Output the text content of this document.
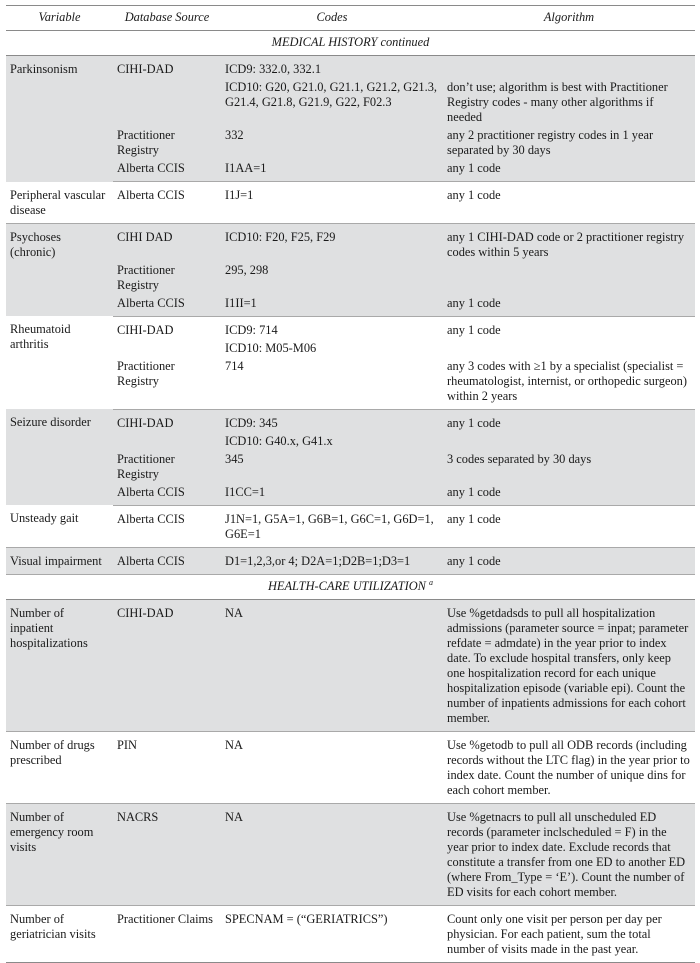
Variable	Database Source	Codes	Algorithm
MEDICAL HISTORY continued			
Parkinsonism	CIHI-DAD	ICD9: 332.0, 332.1	
		ICD10: G20, G21.0, G21.1, G21.2, G21.3, G21.4, G21.8, G21.9, G22, F02.3	don’t use; algorithm is best with Practitioner Registry codes - many other algorithms if needed
	Practitioner Registry	332	any 2 practitioner registry codes in 1 year separated by 30 days
	Alberta CCIS	I1AA=1	any 1 code
Peripheral vascular disease	Alberta CCIS	I1J=1	any 1 code
Psychoses (chronic)	CIHI DAD	ICD10: F20, F25, F29	any 1 CIHI-DAD code or 2 practitioner registry codes within 5 years
	Practitioner Registry	295, 298	
	Alberta CCIS	I1II=1	any 1 code
Rheumatoid arthritis	CIHI-DAD	ICD9: 714	any 1 code
		ICD10: M05-M06	
	Practitioner Registry	714	any 3 codes with ≥1 by a specialist (specialist = rheumatologist, internist, or orthopedic surgeon) within 2 years
Seizure disorder	CIHI-DAD	ICD9: 345	any 1 code
		ICD10: G40.x, G41.x	
	Practitioner Registry	345	3 codes separated by 30 days
	Alberta CCIS	I1CC=1	any 1 code
Unsteady gait	Alberta CCIS	J1N=1, G5A=1, G6B=1, G6C=1, G6D=1, G6E=1	any 1 code
Visual impairment	Alberta CCIS	D1=1,2,3,or 4; D2A=1;D2B=1;D3=1	any 1 code
HEALTH-CARE UTILIZATION $^a$
Number of inpatient hospitalizations	CIHI-DAD	NA	Use %getdadsds to pull all hospitalization admissions (parameter source = inpat; parameter refdate = admdate) in the year prior to index date. To exclude hospital transfers, only keep one hospitalization record for each unique hospitalization episode (variable epi). Count the number of inpatients admissions for each cohort member.
Number of drugs prescribed	PIN	NA	Use %getodb to pull all ODB records (including records without the LTC flag) in the year prior to index date. Count the number of unique dins for each cohort member.
Number of emergency room visits	NACRS	NA	Use %getnacrs to pull all unscheduled ED records (parameter inclscheduled = F) in the year prior to index date. Exclude records that constitute a transfer from one ED to another ED (where From_Type = ‘E’). Count the number of ED visits for each cohort member.
Number of geriatrician visits	Practitioner Claims	SPECNAM = (“GERIATRICS”)	Count only one visit per person per day per physician. For each patient, sum the total number of visits made in the past year.
